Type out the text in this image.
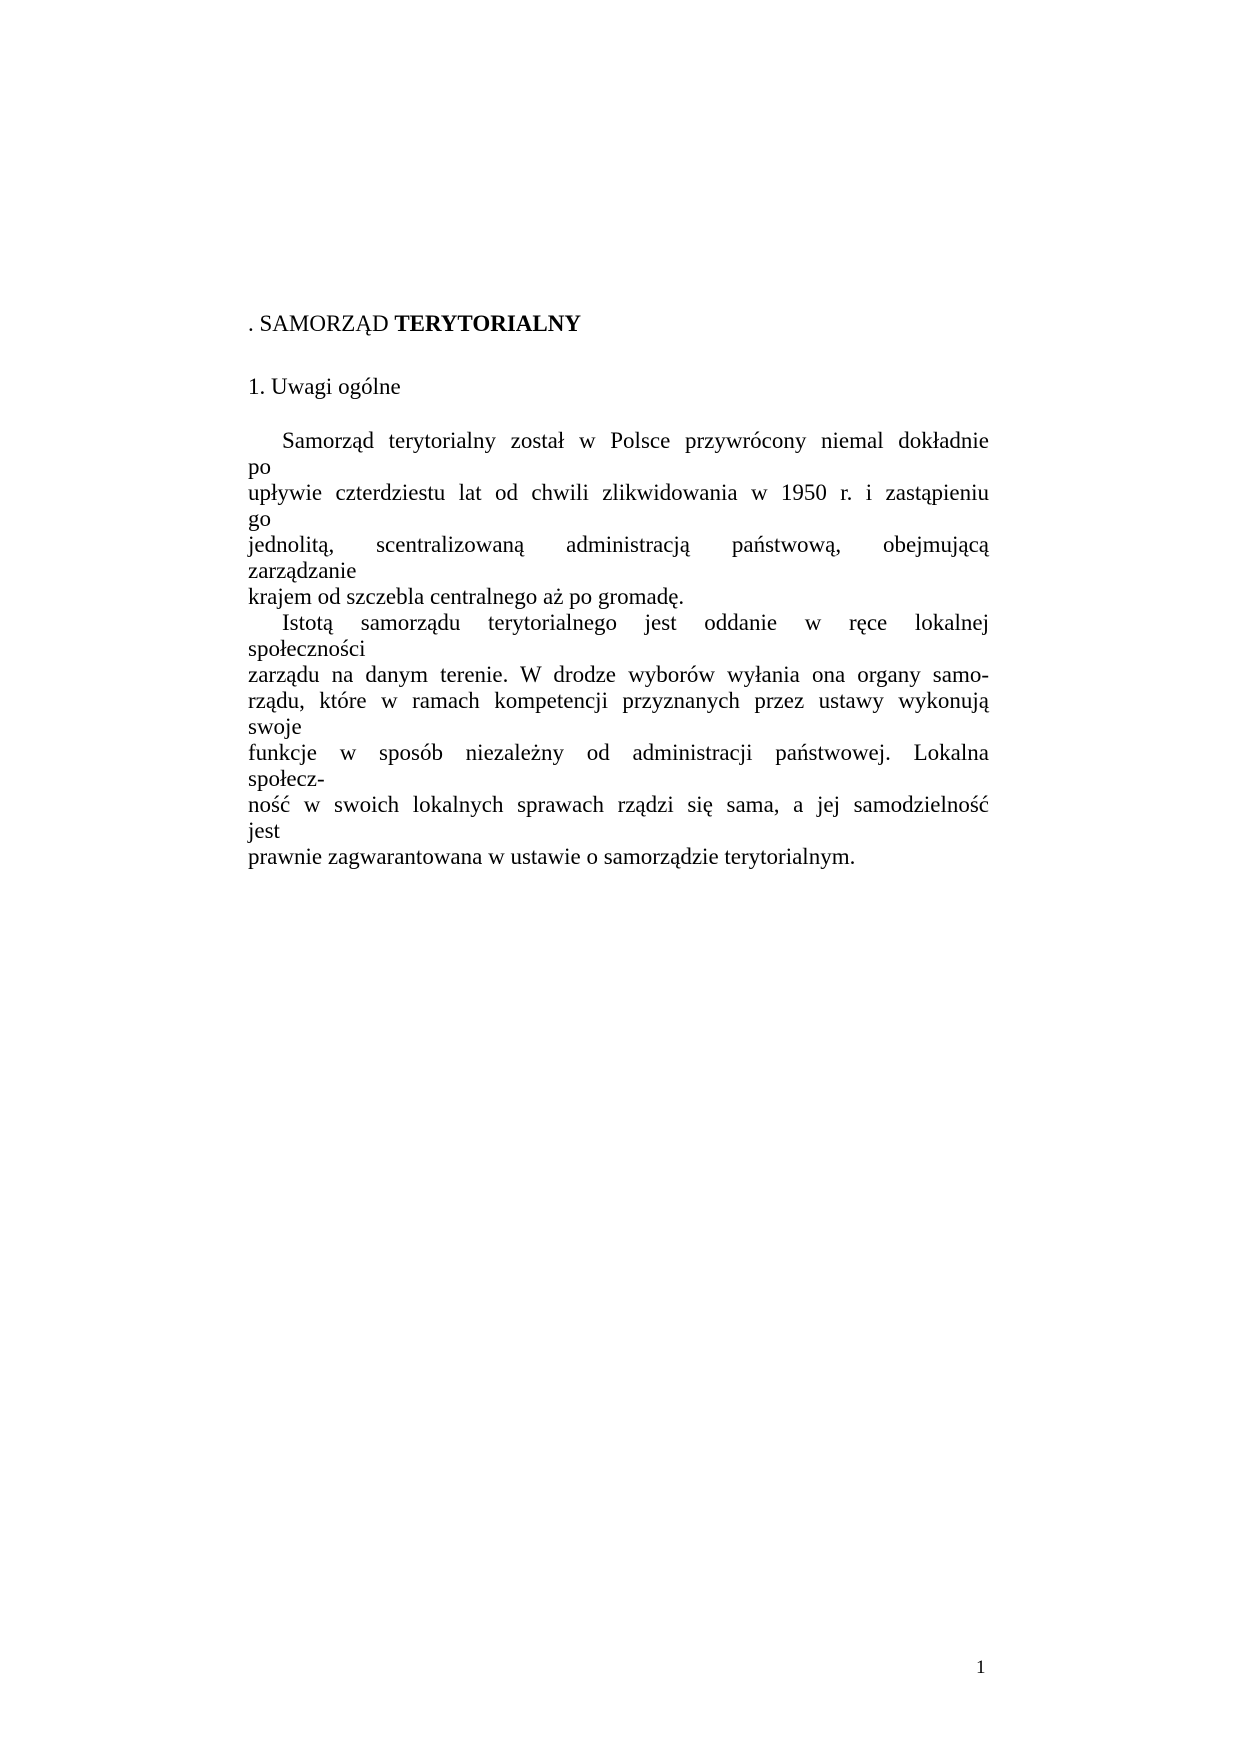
. SAMORZĄD TERYTORIALNY
1. Uwagi ogólne
Samorząd terytorialny został w Polsce przywrócony niemal dokładnie
po
upływie czterdziestu lat od chwili zlikwidowania w 1950 r. i zastąpieniu
go
jednolitą, scentralizowaną administracją państwową, obejmującą
zarządzanie
krajem od szczebla centralnego aż po gromadę.
Istotą samorządu terytorialnego jest oddanie w ręce lokalnej
społeczności
zarządu na danym terenie. W drodze wyborów wyłania ona organy samo-
rządu, które w ramach kompetencji przyznanych przez ustawy wykonują
swoje
funkcje w sposób niezależny od administracji państwowej. Lokalna
społecz-
ność w swoich lokalnych sprawach rządzi się sama, a jej samodzielność
jest
prawnie zagwarantowana w ustawie o samorządzie terytorialnym.
1
